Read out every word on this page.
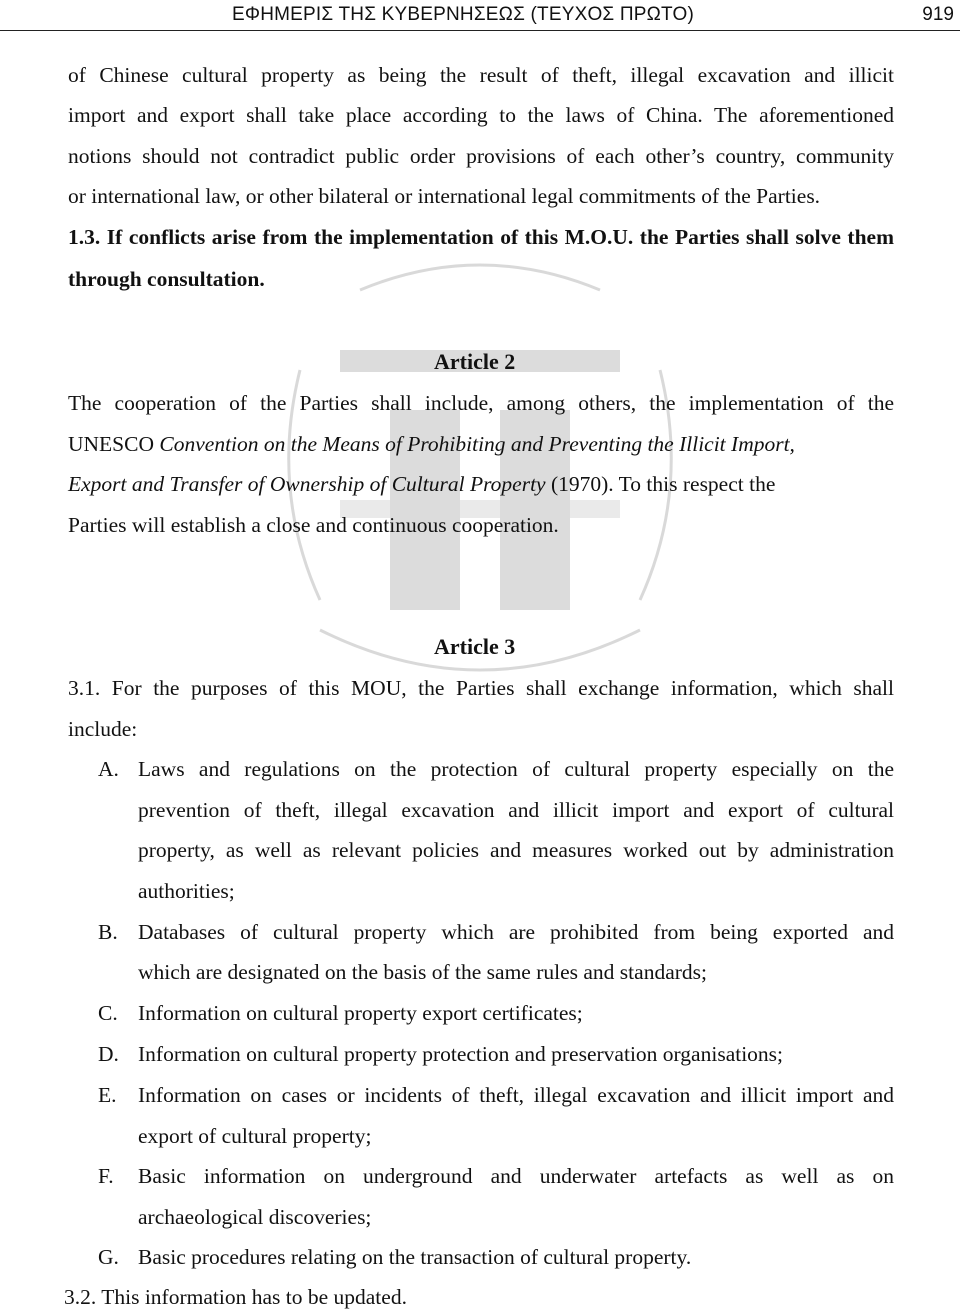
ΕΦΗΜΕΡΙΣ ΤΗΣ ΚΥΒΕΡΝΗΣΕΩΣ (ΤΕΥΧΟΣ ΠΡΩΤΟ)	919
of Chinese cultural property as being the result of theft, illegal excavation and illicit
import and export shall take place according to the laws of China. The aforementioned
notions should not contradict public order provisions of each other’s country, community
or international law, or other bilateral or international legal commitments of the Parties.
1.3. If conflicts arise from the implementation of this M.O.U. the Parties shall solve them
through consultation.
Article 2
The cooperation of the Parties shall include, among others, the implementation of the
UNESCO Convention on the Means of Prohibiting and Preventing the Illicit Import,
Export and Transfer of Ownership of Cultural Property (1970). To this respect the
Parties will establish a close and continuous cooperation.
Article 3
3.1. For the purposes of this MOU, the Parties shall exchange information, which shall
include:
A. Laws and regulations on the protection of cultural property especially on the
prevention of theft, illegal excavation and illicit import and export of cultural
property, as well as relevant policies and measures worked out by administration
authorities;
B. Databases of cultural property which are prohibited from being exported and
which are designated on the basis of the same rules and standards;
C. Information on cultural property export certificates;
D. Information on cultural property protection and preservation organisations;
E. Information on cases or incidents of theft, illegal excavation and illicit import and
export of cultural property;
F. Basic information on underground and underwater artefacts as well as on
archaeological discoveries;
G. Basic procedures relating on the transaction of cultural property.
3.2. This information has to be updated.
